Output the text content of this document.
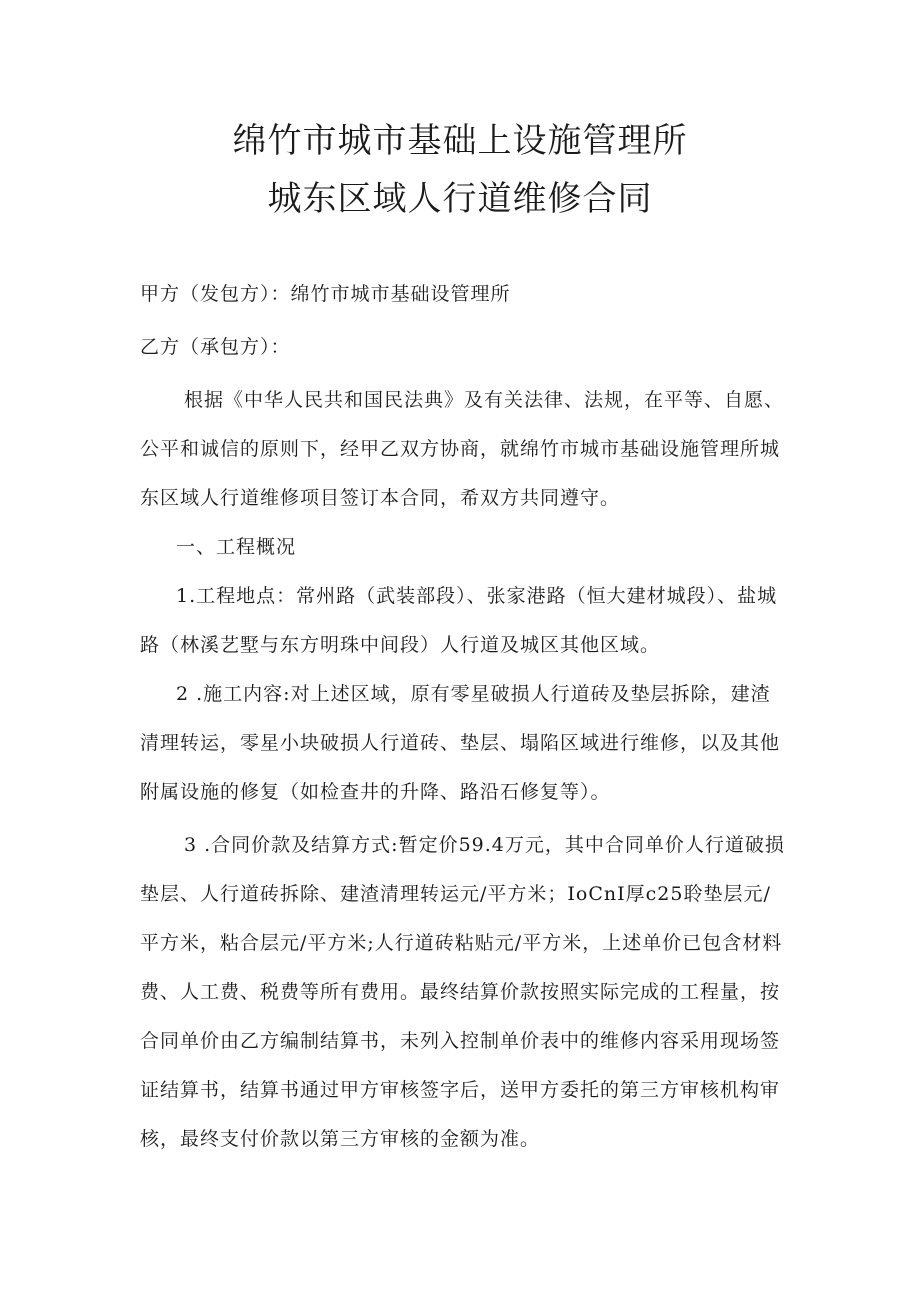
绵竹市城市基础上设施管理所
城东区域人行道维修合同

甲方（发包方）：绵竹市城市基础设管理所

乙方（承包方）：

根据《中华人民共和国民法典》及有关法律、法规，在平等、自愿、公平和诚信的原则下，经甲乙双方协商，就绵竹市城市基础设施管理所城东区域人行道维修项目签订本合同，希双方共同遵守。

一、工程概况

1.工程地点：常州路（武装部段）、张家港路（恒大建材城段）、盐城路（林溪艺墅与东方明珠中间段）人行道及城区其他区域。

2 .施工内容:对上述区域，原有零星破损人行道砖及垫层拆除，建渣清理转运，零星小块破损人行道砖、垫层、塌陷区域进行维修，以及其他附属设施的修复（如检查井的升降、路沿石修复等）。

3 .合同价款及结算方式:暂定价59.4万元，其中合同单价人行道破损垫层、人行道砖拆除、建渣清理转运元/平方米；IoCnI厚c25聆垫层元/平方米，粘合层元/平方米;人行道砖粘贴元/平方米，上述单价已包含材料费、人工费、税费等所有费用。最终结算价款按照实际完成的工程量，按合同单价由乙方编制结算书，未列入控制单价表中的维修内容采用现场签证结算书，结算书通过甲方审核签字后，送甲方委托的第三方审核机构审核，最终支付价款以第三方审核的金额为准。
